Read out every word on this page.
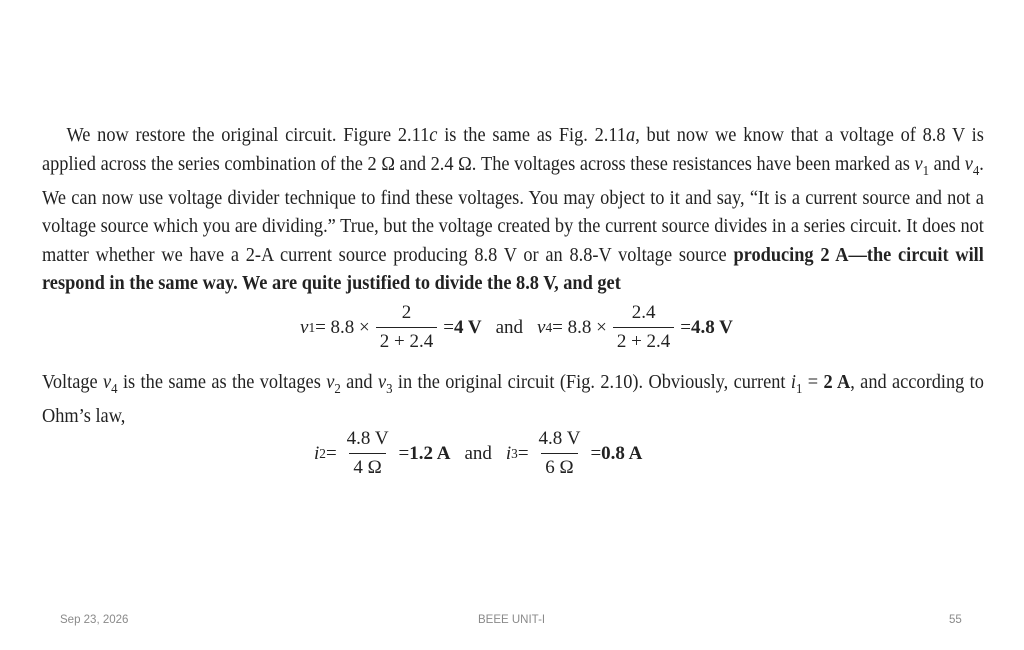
We now restore the original circuit. Figure 2.11c is the same as Fig. 2.11a, but now we know that a voltage of 8.8 V is applied across the series combination of the 2 Ω and 2.4 Ω. The voltages across these resistances have been marked as $v_1$ and $v_4$. We can now use voltage divider technique to find these voltages. You may object to it and say, “It is a current source and not a voltage source which you are dividing.” True, but the voltage created by the current source divides in a series circuit. It does not matter whether we have a 2-A current source producing 8.8 V or an 8.8-V voltage source producing 2 A—the circuit will respond in the same way. We are quite justified to divide the 8.8 V, and get
v $1 = 8.8 \times \frac{2}{2 + 2.4} = 4$ V and v $4 = 8.8 \times \frac{2.4}{2 + 2.4} = 4.8$ V
Voltage $v_4$ is the same as the voltages $v_2$ and $v_3$ in the original circuit (Fig. 2.10). Obviously, current $i_1 = 2$ A, and according to Ohm’s law,
i $2 = \frac{4.8 V}{4 \Omega} = 1.2$ A and i $3 = \frac{4.8 V}{6 \Omega} = 0.8$ A
Sep 23, 2026	BEEE UNIT-I	55
